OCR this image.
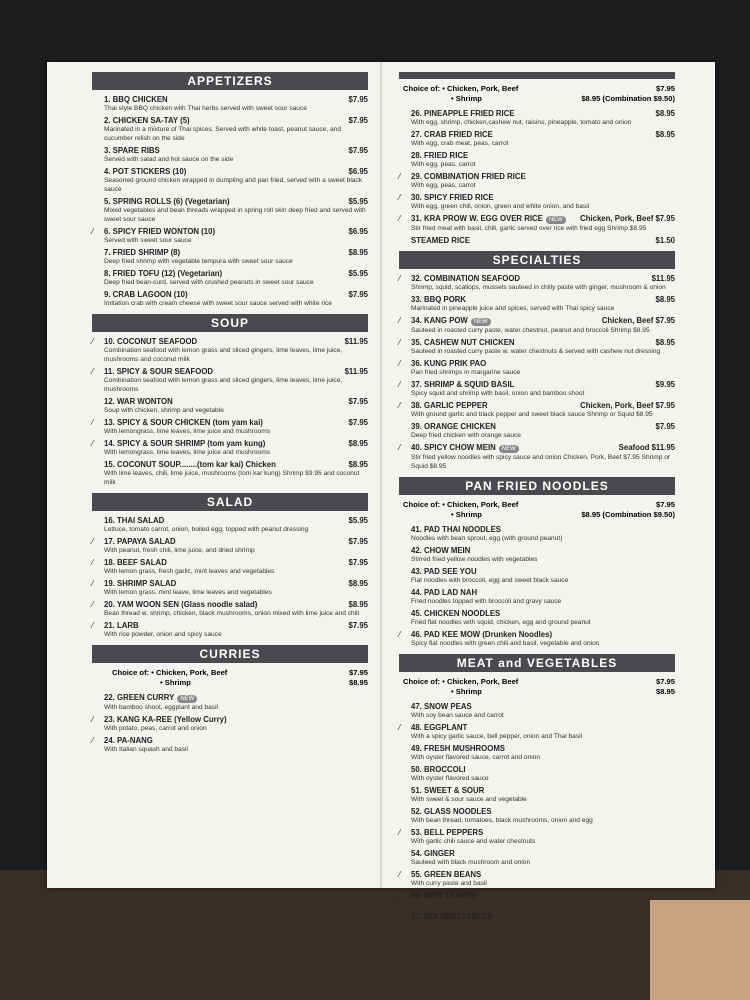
APPETIZERS
1. BBQ CHICKEN	$7.95
Thai style BBQ chicken with Thai herbs served with sweet sour sauce
2. CHICKEN SA-TAY (5)	$7.95
Marinated in a mixture of Thai spices. Served with white toast, peanut sauce, and cucumber relish on the side
3. SPARE RIBS	$7.95
Served with salad and hot sauce on the side
4. POT STICKERS (10)	$6.95
Seasoned ground chicken wrapped in dumpling and pan fried, served with a sweet black sauce
5. SPRING ROLLS (6) (Vegetarian)	$5.95
Mixed vegetables and bean threads wrapped in spring roll skin deep fried and served with sweet sour sauce
⁄ 6. SPICY FRIED WONTON (10)	$6.95
Served with sweet sour sauce
7. FRIED SHRIMP (8)	$8.95
Deep fried shrimp with vegetable tempura with sweet sour sauce
8. FRIED TOFU (12) (Vegetarian)	$5.95
Deep fried bean-curd, served with crushed peanuts in sweet sour sauce
9. CRAB LAGOON (10)	$7.95
Imitation crab with cream cheese with sweet sour sauce served with white rice
SOUP
⁄ 10. COCONUT SEAFOOD	$11.95
Combination seafood with lemon grass and sliced gingers, lime leaves, lime juice, mushrooms and coconut milk
⁄ 11. SPICY & SOUR SEAFOOD	$11.95
Combination seafood with lemon grass and sliced gingers, lime leaves, lime juice, mushrooms
12. WAR WONTON	$7.95
Soup with chicken, shrimp and vegetable
⁄ 13. SPICY & SOUR CHICKEN (tom yam kai)	$7.95
With lemongrass, lime leaves, lime juice and mushrooms
⁄ 14. SPICY & SOUR SHRIMP (tom yam kung)	$8.95
With lemongrass, lime leaves, lime juice and mushrooms
15. COCONUT SOUP........(tom kar kai) Chicken	$8.95
With lime leaves, chili, lime juice, mushrooms (tom kar kung) Shrimp $9.95 and coconut milk
SALAD
16. THAI SALAD	$5.95
Lettuce, tomato carrot, onion, boiled egg, topped with peanut dressing
⁄ 17. PAPAYA SALAD	$7.95
With peanut, fresh chili, lime juice, and dried shrimp
⁄ 18. BEEF SALAD	$7.95
With lemon grass, fresh garlic, mint leaves and vegetables
⁄ 19. SHRIMP SALAD	$8.95
With lemon grass, mint leave, lime leaves and vegetables
⁄ 20. YAM WOON SEN (Glass noodle salad)	$8.95
Bean thread w. shrimp, chicken, black mushrooms, onion mixed with lime juice and chili
⁄ 21. LARB	$7.95
With rice powder, onion and spicy sauce
CURRIES
Choice of: • Chicken, Pork, Beef	$7.95
• Shrimp	$8.95
22. GREEN CURRY NEW
With bamboo shoot, eggplant and basil
⁄ 23. KANG KA-REE (Yellow Curry)
With potato, peas, carrot and onion
⁄ 24. PA-NANG
With Italian squash and basil
Choice of: • Chicken, Pork, Beef	$7.95
• Shrimp	$8.95 (Combination $9.50)
26. PINEAPPLE FRIED RICE	$8.95
With egg, shrimp, chicken,cashew nut, raisins, pineapple, tomato and onion
27. CRAB FRIED RICE	$8.95
With egg, crab meat, peas, carrot
28. FRIED RICE
With egg, peas, carrot
⁄ 29. COMBINATION FRIED RICE
With egg, peas, carrot
⁄ 30. SPICY FRIED RICE
With egg, green chili, onion, green and white onion, and basil
⁄ 31. KRA PROW W. EGG OVER RICE NEW	Chicken, Pork, Beef $7.95
Stir fried meat with basil, chili, garlic served over rice with fried egg Shrimp $8.95
STEAMED RICE	$1.50
SPECIALTIES
⁄ 32. COMBINATION SEAFOOD	$11.95
Shrimp, squid, scallops, mussels sauteed in chilly paste with ginger, mushroom & onion
33. BBQ PORK	$8.95
Marinated in pineapple juice and spices, served with Thai spicy sauce
⁄ 34. KANG POW NEW	Chicken, Beef $7.95
Sauteed in roasted curry paste, water chestnut, peanut and broccoli Shrimp $8.95
⁄ 35. CASHEW NUT CHICKEN	$8.95
Sauteed in roasted curry paste w. water chestnuts & served with cashew nut dressing
⁄ 36. KUNG PRIK PAO
Pan fried shrimps in margarine sauce
⁄ 37. SHRIMP & SQUID BASIL	$9.95
Spicy squid and shrimp with basil, onion and bamboo shoot
⁄ 38. GARLIC PEPPER	Chicken, Pork, Beef $7.95
With ground garlic and black pepper and sweet black sauce Shrimp or Squid $8.95
39. ORANGE CHICKEN	$7.95
Deep fried chicken with orange sauce
⁄ 40. SPICY CHOW MEIN NEW	Seafood $11.95
Stir fried yellow noodles with spicy sauce and onion Chicken, Pork, Beef $7.95 Shrimp or Squid $8.95
PAN FRIED NOODLES
Choice of: • Chicken, Pork, Beef	$7.95
• Shrimp	$8.95 (Combination $9.50)
41. PAD THAI NOODLES
Noodles with bean sprout, egg (with ground peanut)
42. CHOW MEIN
Stirred fried yellow noodles with vegetables
43. PAD SEE YOU
Flat noodles with broccoli, egg and sweet black sauce
44. PAD LAD NAH
Fried noodles topped with broccoli and gravy sauce
45. CHICKEN NOODLES
Fried flat noodles with squid, chicken, egg and ground peanut
⁄ 46. PAD KEE MOW (Drunken Noodles)
Spicy flat noodles with green chili and basil, vegetable and onion
MEAT and VEGETABLES
Choice of: • Chicken, Pork, Beef	$7.95
• Shrimp	$8.95
47. SNOW PEAS
With soy bean sauce and carrot
⁄ 48. EGGPLANT
With a spicy garlic sauce, bell pepper, onion and Thai basil
49. FRESH MUSHROOMS
With oyster flavored sauce, carrot and onion
50. BROCCOLI
With oyster flavored sauce
51. SWEET & SOUR
With sweet & sour sauce and vegetable
52. GLASS NOODLES
With bean thread, tomatoes, black mushrooms, onion and egg
⁄ 53. BELL PEPPERS
With garlic chili sauce and water chestnuts
54. GINGER
Sauteed with black mushroom and onion
⁄ 55. GREEN BEANS
With curry paste and basil
⁄ 56. MINT LEAVES
With basil, spicy sauce and green white onion and bamboo shoot
57. MIX VEGETABLES
Stir fried mixed vegetables with oyster sauce
